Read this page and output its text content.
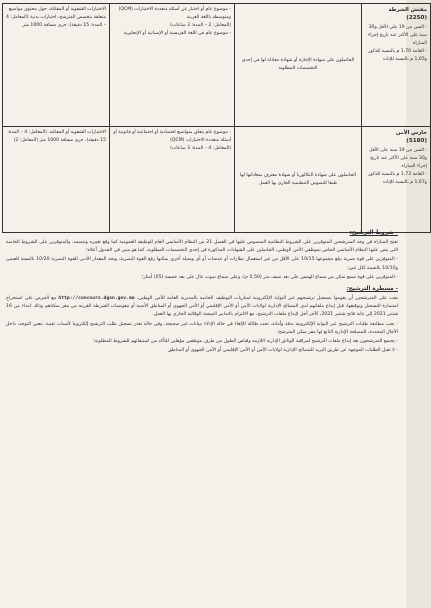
مفتش الشرطة
(2250)
- السن من 19 على الأقل و30 سنة على الأكثر عند تاريخ إجراء المباراة
- القامة 1,70 م بالنسبة للذكور و1,65 م بالنسبة للإناث	الحاصلون على شهادة الإجازة أو شهادة معادلة لها في إحدى التخصصات المطلوبة	- موضوع عام أو اختبار عن أسئلة متعددة الاختيارات (QCM) ومتوسطة باللغة العربية
(المعامل: 2 – المدة: 3 ساعات)
- موضوع عام في اللغة الفرنسية أو الإسبانية أو الإنجليزية	الاختبارات الشفوية أو المقابلة، حول محتوى مواضيع متعلقة بتخصص المترشح، اختبارات بدنية (المعامل: 4 – المدة: 15 دقيقة)، جري مسافة 1000 متر

حارس الأمن
(5180)
- السن من 19 سنة على الأقل و30 سنة على الأكثر عند تاريخ إجراء المباراة
- القامة 1,73 م بالنسبة للذكور و1,67 م بالنسبة للإناث	الحاصلون على شهادة البكالوريا أو شهادة معترف بمعادلتها لها طبقا للنصوص التنظيمية الجاري بها العمل	- موضوع عام يتعلق بمواضيع اقتصادية أو اجتماعية أو قانونية أو أسئلة متعددة الاختيارات (QCM)
(المعامل: 4 – المدة: 3 ساعات)	الاختبارات الشفوية أو المقابلة، (المعامل: 4 – المدة: 15 دقيقة)، جري مسافة 1000 متر (المعامل: 2)
- شروط الترشيح:

تفتح المباراة في وجه المترشحين المتوفرين على الشروط النظامية المنصوص عليها في الفصل 21 من النظام الأساسي العام للوظيفة العمومية كما وقع تغييره وتتميمه، والمتوفرين على الشروط الخاصة التي ينص عليها النظام الأساسي الخاص بموظفي الأمن الوطني، الحاصلين على الشهادات المذكورة في إحدى التخصصات المطلوبة، كما هو مبين في الجدول أعلاه؛

- المتوفرين على قوة بصرية يبلغ مجموعها 10/15 على الأقل من غير استعمال نظارات أو عدسات أو أي وسيلة أخرى يمكنها رفع القوة البصرية، وبحد المقدار الأدنى للقوة البصرية 10/20 بالنسبة للعينين و10/10 بالنسبة لكل عين؛

- المتوفرين على قوة سمع تمكن من سماع الهمس على بعد نصف متر (0,50 م)، وعلى سماع صوت عال على بعد خمسة (05) أمتار؛

- مسطرة الترشيح:

يجب على المترشحين أن يقوموا بتسجيل ترشيحهم عبر البوابة الإلكترونية لمباريات التوظيف الخاصة بالمديرية العامة للأمن الوطني، http://concours.dgsn.gov.ma مع الحرص على استخراج استمارة التسجيل وتوقيعها، قبل إيداع ملفاتهم لدى المصالح الإدارية لولايات الأمن أو الأمن الإقليمي أو الأمن الجهوي أو المناطق الأمنية أو مفوضيات الشرطة القريبة من مقر سكناهم وذلك ابتداء من 16 شتنبر 2021 إلى غاية فاتح شتنبر 2021، كآخر أجل لإيداع ملفات الترشيح، مع الالتزام بالتدابير الصحية الوقائية الجاري بها العمل.

- يجب مطابقة طلبات الترشيح عبر البوابة الإلكترونية بدقة وأمانة، تحت طائلة الإلغاء في حالة الإدلاء ببيانات غير صحيحة، وفي حالة تعذر تسجيل طلب الترشيح إلكترونيا لأسباب تقنية، يتعين التوجه، داخل الآجال المحددة، للمصلحة الإدارية التابع لها مقر سكن المترشح؛

- يخضع المترشحون بعد إيداع ملفات الترشيح لمراقبة الوثائق الإدارية اللازمة وقياس الطول من طرف موظفين مؤهلين للتأكد من استيفائهم للشروط المطلوبة؛

- لا تقبل الطلبات الموجهة عن طريق البريد للمصالح الإدارية لولايات الأمن أو الأمن الإقليمي أو الأمن الجهوي أو المناطق
